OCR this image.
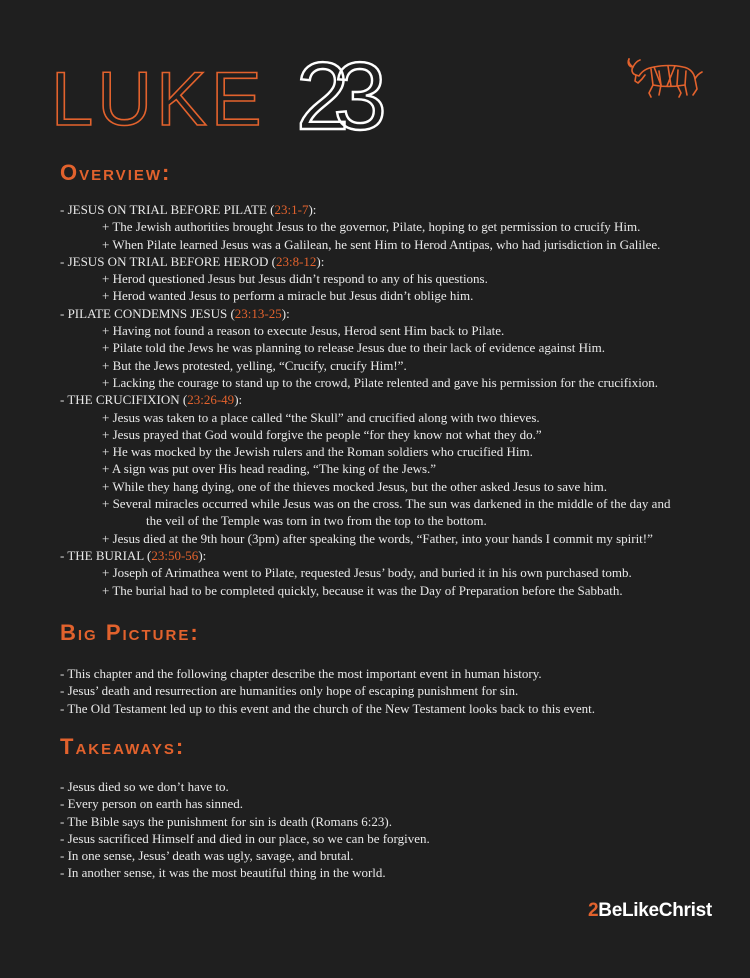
LUKE 23
Overview:
- JESUS ON TRIAL BEFORE PILATE (23:1-7):
+ The Jewish authorities brought Jesus to the governor, Pilate, hoping to get permission to crucify Him.
+ When Pilate learned Jesus was a Galilean, he sent Him to Herod Antipas, who had jurisdiction in Galilee.
- JESUS ON TRIAL BEFORE HEROD (23:8-12):
+ Herod questioned Jesus but Jesus didn’t respond to any of his questions.
+ Herod wanted Jesus to perform a miracle but Jesus didn’t oblige him.
- PILATE CONDEMNS JESUS (23:13-25):
+ Having not found a reason to execute Jesus, Herod sent Him back to Pilate.
+ Pilate told the Jews he was planning to release Jesus due to their lack of evidence against Him.
+ But the Jews protested, yelling, “Crucify, crucify Him!”.
+ Lacking the courage to stand up to the crowd, Pilate relented and gave his permission for the crucifixion.
- THE CRUCIFIXION (23:26-49):
+ Jesus was taken to a place called “the Skull” and crucified along with two thieves.
+ Jesus prayed that God would forgive the people “for they know not what they do.”
+ He was mocked by the Jewish rulers and the Roman soldiers who crucified Him.
+ A sign was put over His head reading, “The king of the Jews.”
+ While they hang dying, one of the thieves mocked Jesus, but the other asked Jesus to save him.
+ Several miracles occurred while Jesus was on the cross. The sun was darkened in the middle of the day and
the veil of the Temple was torn in two from the top to the bottom.
+ Jesus died at the 9th hour (3pm) after speaking the words, “Father, into your hands I commit my spirit!”
- THE BURIAL (23:50-56):
+ Joseph of Arimathea went to Pilate, requested Jesus’ body, and buried it in his own purchased tomb.
+ The burial had to be completed quickly, because it was the Day of Preparation before the Sabbath.
Big Picture:
- This chapter and the following chapter describe the most important event in human history.
- Jesus’ death and resurrection are humanities only hope of escaping punishment for sin.
- The Old Testament led up to this event and the church of the New Testament looks back to this event.
Takeaways:
- Jesus died so we don’t have to.
- Every person on earth has sinned.
- The Bible says the punishment for sin is death (Romans 6:23).
- Jesus sacrificed Himself and died in our place, so we can be forgiven.
- In one sense, Jesus’ death was ugly, savage, and brutal.
- In another sense, it was the most beautiful thing in the world.
2BeLikeChrist
